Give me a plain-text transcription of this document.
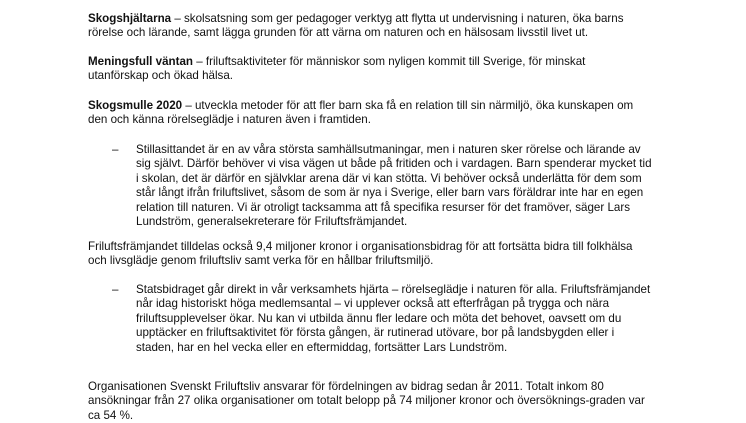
Skogshjältarna – skolsatsning som ger pedagoger verktyg att flytta ut undervisning i naturen, öka barns rörelse och lärande, samt lägga grunden för att värna om naturen och en hälsosam livsstil livet ut.

Meningsfull väntan – friluftsaktiviteter för människor som nyligen kommit till Sverige, för minskat utanförskap och ökad hälsa.

Skogsmulle 2020 – utveckla metoder för att fler barn ska få en relation till sin närmiljö, öka kunskapen om den och känna rörelseglädje i naturen även i framtiden.

–	Stillasittandet är en av våra största samhällsutmaningar, men i naturen sker rörelse och lärande av sig självt. Därför behöver vi visa vägen ut både på fritiden och i vardagen. Barn spenderar mycket tid i skolan, det är därför en självklar arena där vi kan stötta. Vi behöver också underlätta för dem som står långt ifrån friluftslivet, såsom de som är nya i Sverige, eller barn vars föräldrar inte har en egen relation till naturen. Vi är otroligt tacksamma att få specifika resurser för det framöver, säger Lars Lundström, generalsekreterare för Friluftsfrämjandet.

Friluftsfrämjandet tilldelas också 9,4 miljoner kronor i organisationsbidrag för att fortsätta bidra till folkhälsa och livsglädje genom friluftsliv samt verka för en hållbar friluftsmiljö.

–	Statsbidraget går direkt in vår verksamhets hjärta – rörelseglädje i naturen för alla. Friluftsfrämjandet når idag historiskt höga medlemsantal – vi upplever också att efterfrågan på trygga och nära friluftsupplevelser ökar. Nu kan vi utbilda ännu fler ledare och möta det behovet, oavsett om du upptäcker en friluftsaktivitet för första gången, är rutinerad utövare, bor på landsbygden eller i staden, har en hel vecka eller en eftermiddag, fortsätter Lars Lundström.

Organisationen Svenskt Friluftsliv ansvarar för fördelningen av bidrag sedan år 2011. Totalt inkom 80 ansökningar från 27 olika organisationer om totalt belopp på 74 miljoner kronor och översöknings-graden var ca 54 %.
